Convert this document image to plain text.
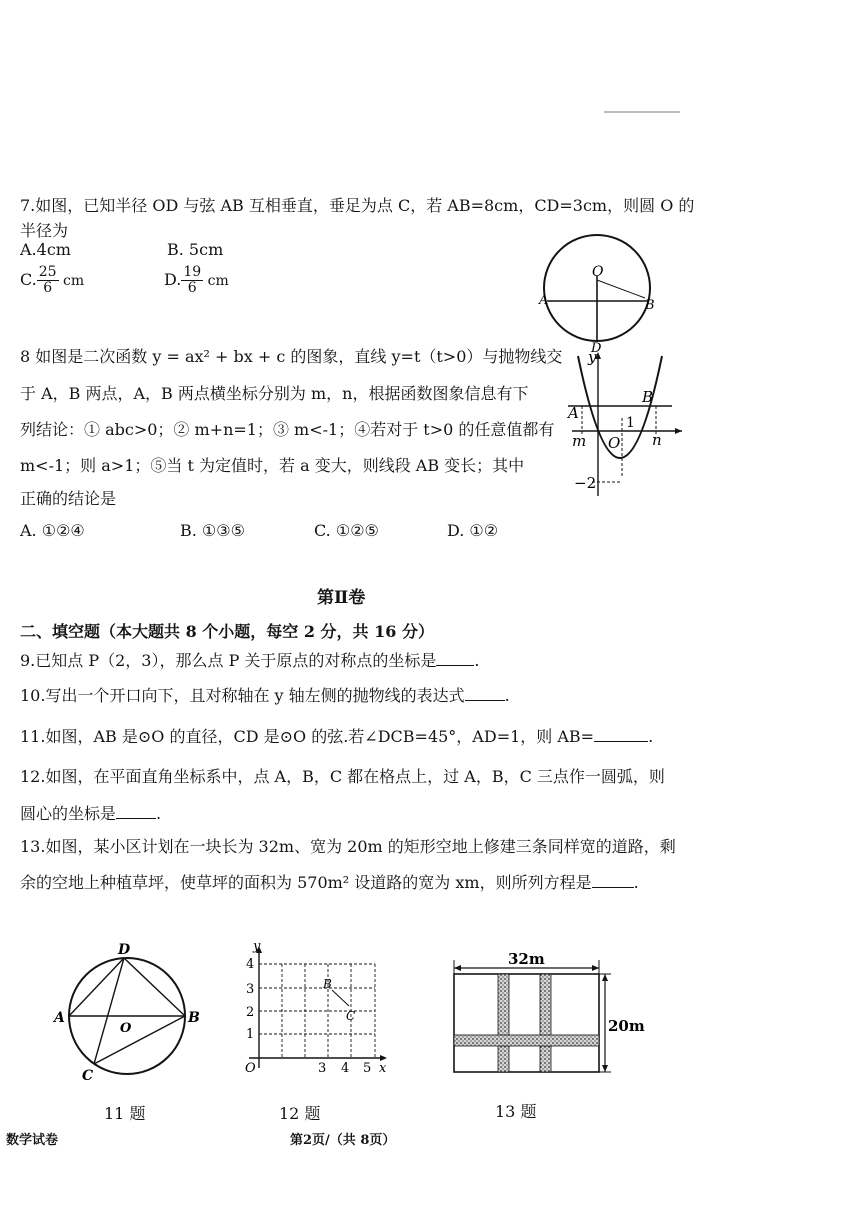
7.如图，已知半径 OD 与弦 AB 互相垂直，垂足为点 C，若 AB=8cm，CD=3cm，则圆 O 的
半径为
A.4cm	B. 5cm
C. $\frac{25}{6}$ cm	D. $\frac{19}{6}$ cm
O
A	B
D
8 如图是二次函数 y = ax² + bx + c 的图象，直线 y=t（t>0）与抛物线交
于 A，B 两点，A，B 两点横坐标分别为 m，n，根据函数图象信息有下
列结论：① abc>0；② m+n=1；③ m<-1；④若对于 t>0 的任意值都有
m<-1；则 a>1；⑤当 t 为定值时，若 a 变大，则线段 AB 变长；其中
正确的结论是
A. ①②④	B. ①③⑤	C. ①②⑤	D. ①②
y
A
B
m O
1
n
−2
第Ⅱ卷
二、填空题（本大题共 8 个小题，每空 2 分，共 16 分）
9.已知点 P（2，3），那么点 P 关于原点的对称点的坐标是 .
10.写出一个开口向下，且对称轴在 y 轴左侧的抛物线的表达式	.
11.如图，AB 是⊙O 的直径，CD 是⊙O 的弦.若∠DCB=45°，AD=1，则 AB=	.
12.如图，在平面直角坐标系中，点 A，B，C 都在格点上，过 A，B，C 三点作一圆弧，则
圆心的坐标是	.
13.如图，某小区计划在一块长为 32m、宽为 20m 的矩形空地上修建三条同样宽的道路，剩
余的空地上种植草坪，使草坪的面积为 570m² 设道路的宽为 xm，则所列方程是	.
D
A
O
B
C
11 题
y
4
3
2
1
O	3 4 5 x
B
C
12 题
32m
20m
13 题
数学试卷	第2页/（共 8页）
